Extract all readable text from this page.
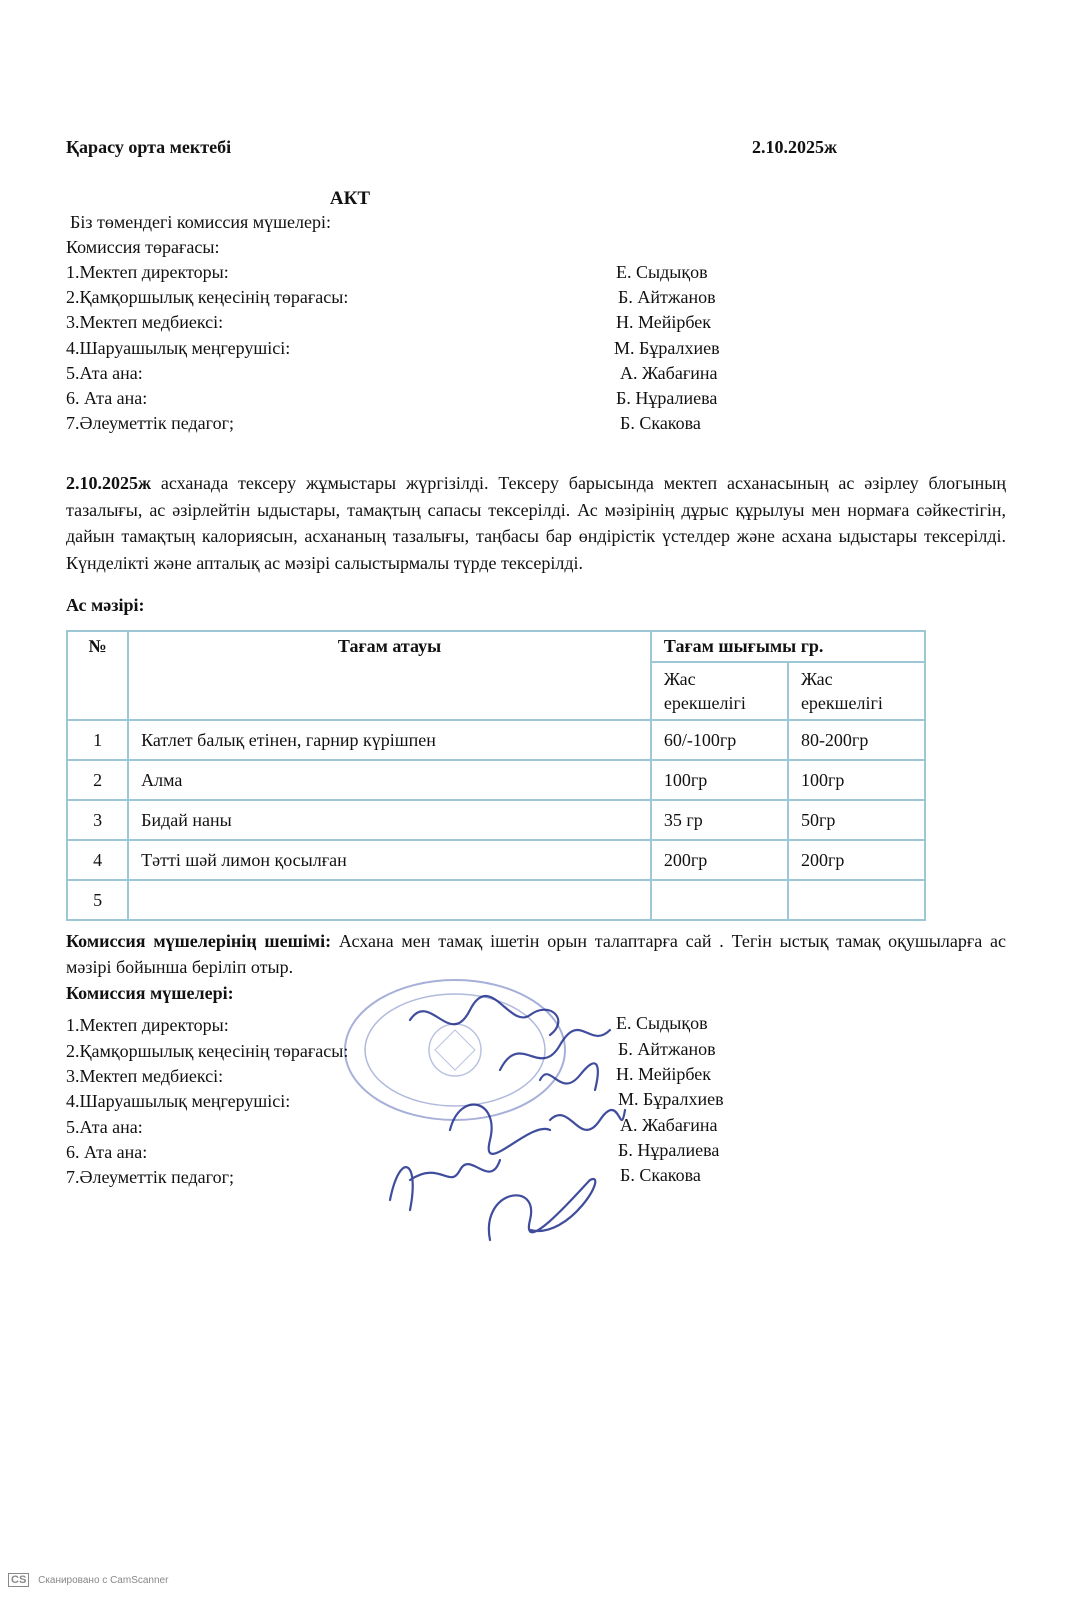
Қарасу орта мектебі	2.10.2025ж
АКТ
Біз төмендегі комиссия мүшелері:
Комиссия төрағасы:
1.Мектеп директоры:	Е. Сыдықов
2.Қамқоршылық кеңесінің төрағасы:	Б. Айтжанов
3.Мектеп медбиексі:	Н. Мейірбек
4.Шаруашылық меңгерушісі:	М. Бұралхиев
5.Ата ана:	А. Жабағина
6. Ата ана:	Б. Нұралиева
7.Әлеуметтік педагог;	Б. Скакова
2.10.2025ж асханада тексеру жұмыстары жүргізілді. Тексеру барысында мектеп асханасының ас әзірлеу блогының тазалығы, ас әзірлейтін ыдыстары, тамақтың сапасы тексерілді. Ас мәзірінің дұрыс құрылуы мен нормаға сәйкестігін, дайын тамақтың калориясын, асхананың тазалығы, таңбасы бар өндірістік үстелдер және асхана ыдыстары тексерілді. Күнделікті және апталық ас мәзірі салыстырмалы түрде тексерілді.
Ас мәзірі:
№	Тағам атауы	Тағам шығымы гр.	
		Жас ерекшелігі	Жас ерекшелігі
1	Катлет балық етінен, гарнир күрішпен	60/-100гр	80-200гр
2	Алма	100гр	100гр
3	Бидай наны	35 гр	50гр
4	Тәтті шәй лимон қосылған	200гр	200гр
5			
Комиссия мүшелерінің шешімі: Асхана мен тамақ ішетін орын талаптарға сай . Тегін ыстық тамақ оқушыларға ас мәзірі бойынша беріліп отыр.
Комиссия мүшелері:
1.Мектеп директоры:	Е. Сыдықов
2.Қамқоршылық кеңесінің төрағасы:	Б. Айтжанов
3.Мектеп медбиексі:	Н. Мейірбек
4.Шаруашылық меңгерушісі:	М. Бұралхиев
5.Ата ана:	А. Жабағина
6. Ата ана:	Б. Нұралиева
7.Әлеуметтік педагог;	Б. Скакова
CS Сканировано с CamScanner
